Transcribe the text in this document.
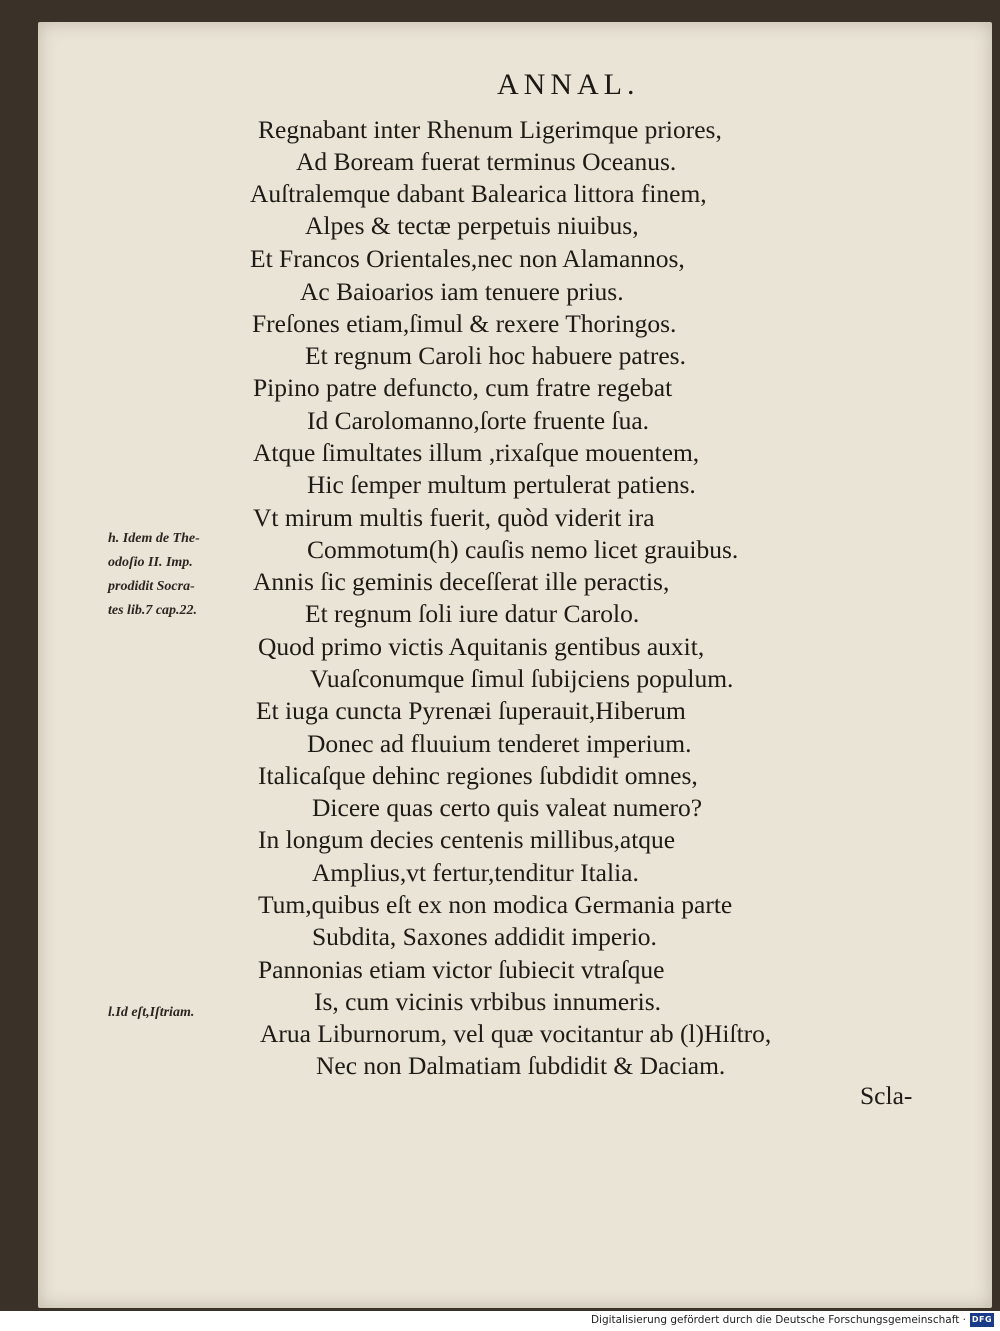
ANNAL.
Regnabant inter Rhenum Ligerimque priores,
Ad Boream fuerat terminus Oceanus.
Auſtralemque dabant Balearica littora finem,
Alpes & tectæ perpetuis niuibus,
Et Francos Orientales,nec non Alamannos,
Ac Baioarios iam tenuere prius.
Freſones etiam,ſimul & rexere Thoringos.
Et regnum Caroli hoc habuere patres.
Pipino patre defuncto, cum fratre regebat
Id Carolomanno,ſorte fruente ſua.
Atque ſimultates illum ,rixaſque mouentem,
Hic ſemper multum pertulerat patiens.
Vt mirum multis fuerit, quòd viderit ira
Commotum(h) cauſis nemo licet grauibus.
Annis ſic geminis deceſſerat ille peractis,
Et regnum ſoli iure datur Carolo.
Quod primo victis Aquitanis gentibus auxit,
Vuaſconumque ſimul ſubijciens populum.
Et iuga cuncta Pyrenæi ſuperauit,Hiberum
Donec ad fluuium tenderet imperium.
Italicaſque dehinc regiones ſubdidit omnes,
Dicere quas certo quis valeat numero?
In longum decies centenis millibus,atque
Amplius,vt fertur,tenditur Italia.
Tum,quibus eſt ex non modica Germania parte
Subdita, Saxones addidit imperio.
Pannonias etiam victor ſubiecit vtraſque
Is, cum vicinis vrbibus innumeris.
Arua Liburnorum, vel quæ vocitantur ab (l)Hiſtro,
Nec non Dalmatiam ſubdidit & Daciam.
h. Idem de The-
odoſio II. Imp.
prodidit Socra-
tes lib.7 cap.22.
l.Id eſt,Iſtriam.
Scla-
Digitalisierung gefördert durch die Deutsche Forschungsgemeinschaft · DFG
